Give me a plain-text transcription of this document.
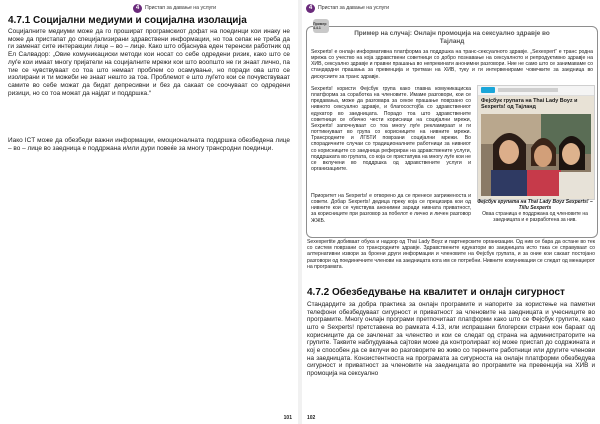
4	Пристап за давање на услуги
4.7.1 Социјални медиуми и социјална изолација

Социјалните медиуми може да го прошират програмскиот дофат на поединци кои инаку не може да пристапат до специјализирани здравствени информации, но тоа сепак не треба да ги заменат сите интеракции лице – во – лице. Како што објаснува еден теренски работник од Ел Салвадор: „Овие комуникациски методи кои носат со себе одредени ризик, како што се луѓе кои имаат многу пријатели на социјалните мрежи кои што воопшто не ги знаат лично, па тие се чувствуваат со тоа што немаат проблем со осамување, но поради ова што се изолирани и ти можеби не знаат нешто за тоа. Проблемот е што луѓето кои се почувствуваат самите во себе можат да бидат депресивни и без да сакаат се соочуваат со одредени ризици, но со тоа можат да најдат и поддршка.“

Иако ICT може да обезбеди важни информации, емоционалната поддршка обезбедена лице – во – лице во заедница е поддржана и/или дури повеќе за многу трансродни поединци.

101
4	Пристап за давање на услуги
Пример 4.4.1

Пример на случај: Онлајн промоција на сексуално здравје во Тајланд

Sexperts! е онлајн информативна платформа за поддршка на транс-сексуалното здравје. „Sexexpert“ е транс родна мрежа со учество на која здравствени советници со добро познавање на сексуалното и репродуктивно здравје на ХИВ, сексуално здравје и правни прашања во непрекинати анонимни разговори. Ние не само што се занимаваме со стандардни прашања за превенција и третман на ХИВ, туку и ги интервенираме човечките за заедница во дискусиите за транс здравје.

Sexperts! користи Фејсбук група како главна комуникациска платформа за соработка на членовите. Имаме разговори, кои се предавања, може да разговара за секое прашање поврзано со нивното сексуално здравје, и благосостојба со здравствениот едукатор во заедницата. Порадо тоа што здравствените советници се обично чести корисници на социјални мрежи, Sexperts! започнуваат со тоа многу луѓе рекламираат и ги поттикнуваат во група со корисниците на нивните мрежи. Трансродните и ЛГБТИ поврзани социјални мрежи. Во спорадичните случаи со традиционалните работници за нивниот со корисниците со заедница рефериран на здравствените услуги, поддршката во групата, со која се пристапува на многу луѓе кои не се вклучени во поддршка од здравствените услуги и организациите.

Приоритет на Sexperts! е отворено да се пренесе загриженоста и совети. Добар Sexperts! дедица преку која се прецизира кои од нивните кои се чувствува анонимни заради нивната приватност, за корисниците при разговор за побелот е лично и личен разговор ЖЖБ.

Фејсбук групата на Thai Lady Boyz и Sexperts! од Тајланд

Фејсбук групата на Thai Lady Boyz Sexperts! – Tillu Sexperts
Оваа страница е поддржана од членовите на заедницата и е разработена за нив.

Sexexpertite добиваат обука и надзор од Thai Lady Boyz и партнерските организации. Од нив се бара да остане во тек со систем поврзани со трансродните здравје. Здравствените едукатори во заедницата исто така се справуваат со алтернативни извори за броени други информации и членовите на Фејсбук групата, и за оние кои сакаат постојано разговори од поединечните членови на заедницата кога им се потребни. Нивните комуникации се следат од менаџерот на програмата.

4.7.2 Обезбедување на квалитет и онлајн сигурност

Стандардите за добра практика за онлајн програмите и напорите за користење на паметни телефони обезбедуваат сигурност и приватност за членовите на заедницата и учесниците во програмите. Многу онлајн програми претпочитаат платформи како што се Фејсбук групите, како што е Sexperts! претставена во рамката 4.13, или испрашани блогерски страни кон бараат од корисниците да се зачленат за членство и кои се следат од страна на администраторите на групите. Таквите наблудувања сајтови може да контролираат кој може пристап до содржината и кој е способен да се вклучи во разговорите во живо со терените работници или другите членови на заедницата. Конзистентноста на програмата за сигурноста на онлајн платформи обезбедува сигурност и приватност за членовите на заедницата во програмите на превенција на ХИВ и промоција на сексуално

102
